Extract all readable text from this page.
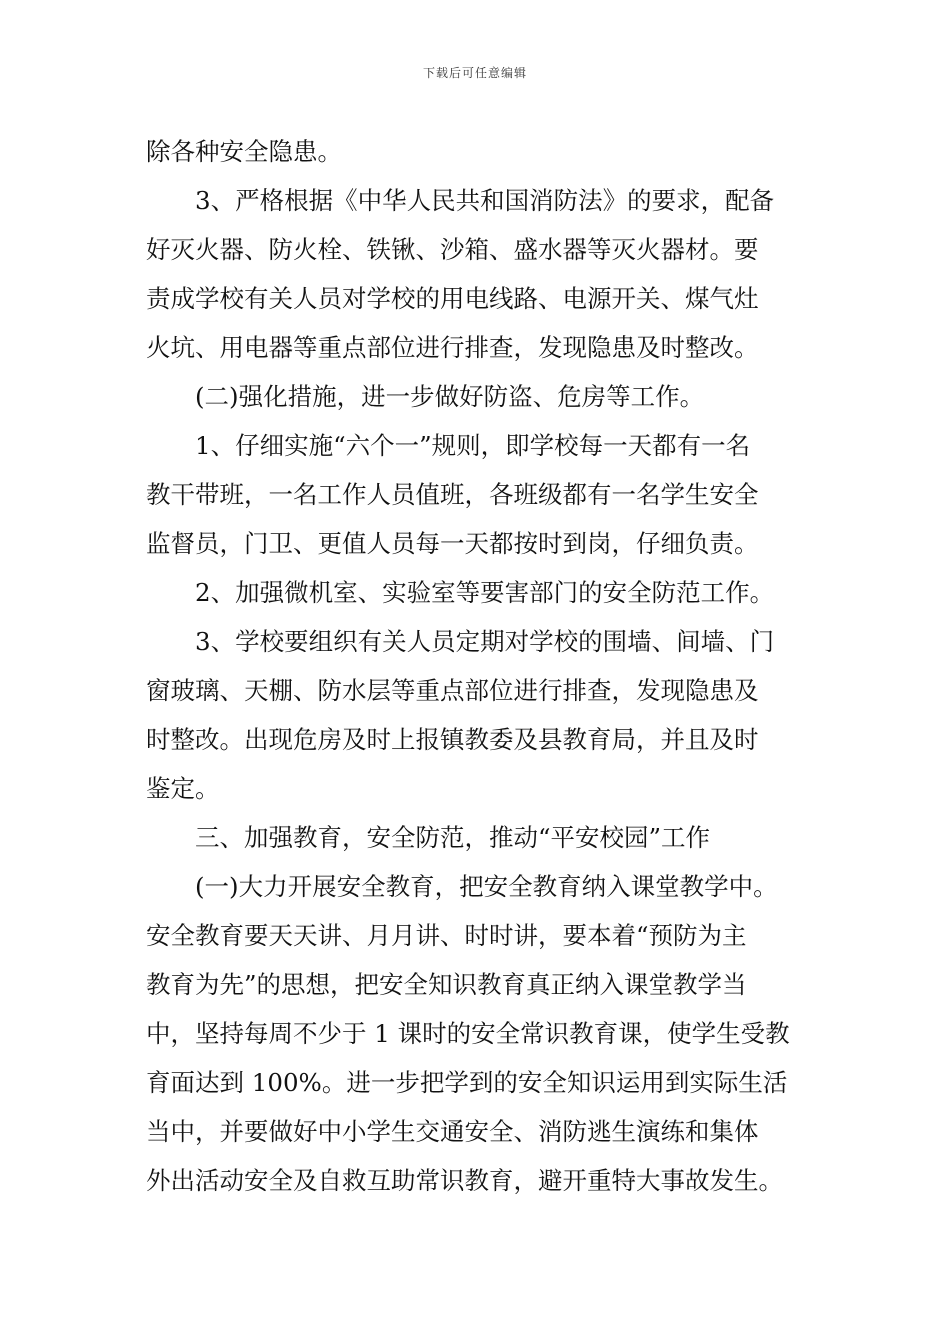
下载后可任意编辑
除各种安全隐患。
3、严格根据《中华人民共和国消防法》的要求，配备
好灭火器、防火栓、铁锹、沙箱、盛水器等灭火器材。要
责成学校有关人员对学校的用电线路、电源开关、煤气灶
火坑、用电器等重点部位进行排查，发现隐患及时整改。
(二)强化措施，进一步做好防盗、危房等工作。
1、仔细实施“六个一”规则，即学校每一天都有一名
教干带班，一名工作人员值班，各班级都有一名学生安全
监督员，门卫、更值人员每一天都按时到岗，仔细负责。
2、加强微机室、实验室等要害部门的安全防范工作。
3、学校要组织有关人员定期对学校的围墙、间墙、门
窗玻璃、天棚、防水层等重点部位进行排查，发现隐患及
时整改。出现危房及时上报镇教委及县教育局，并且及时
鉴定。
三、加强教育，安全防范，推动“平安校园”工作
(一)大力开展安全教育，把安全教育纳入课堂教学中。
安全教育要天天讲、月月讲、时时讲，要本着“预防为主
教育为先”的思想，把安全知识教育真正纳入课堂教学当
中，坚持每周不少于 1 课时的安全常识教育课，使学生受教
育面达到 100%。进一步把学到的安全知识运用到实际生活
当中，并要做好中小学生交通安全、消防逃生演练和集体
外出活动安全及自救互助常识教育，避开重特大事故发生。
